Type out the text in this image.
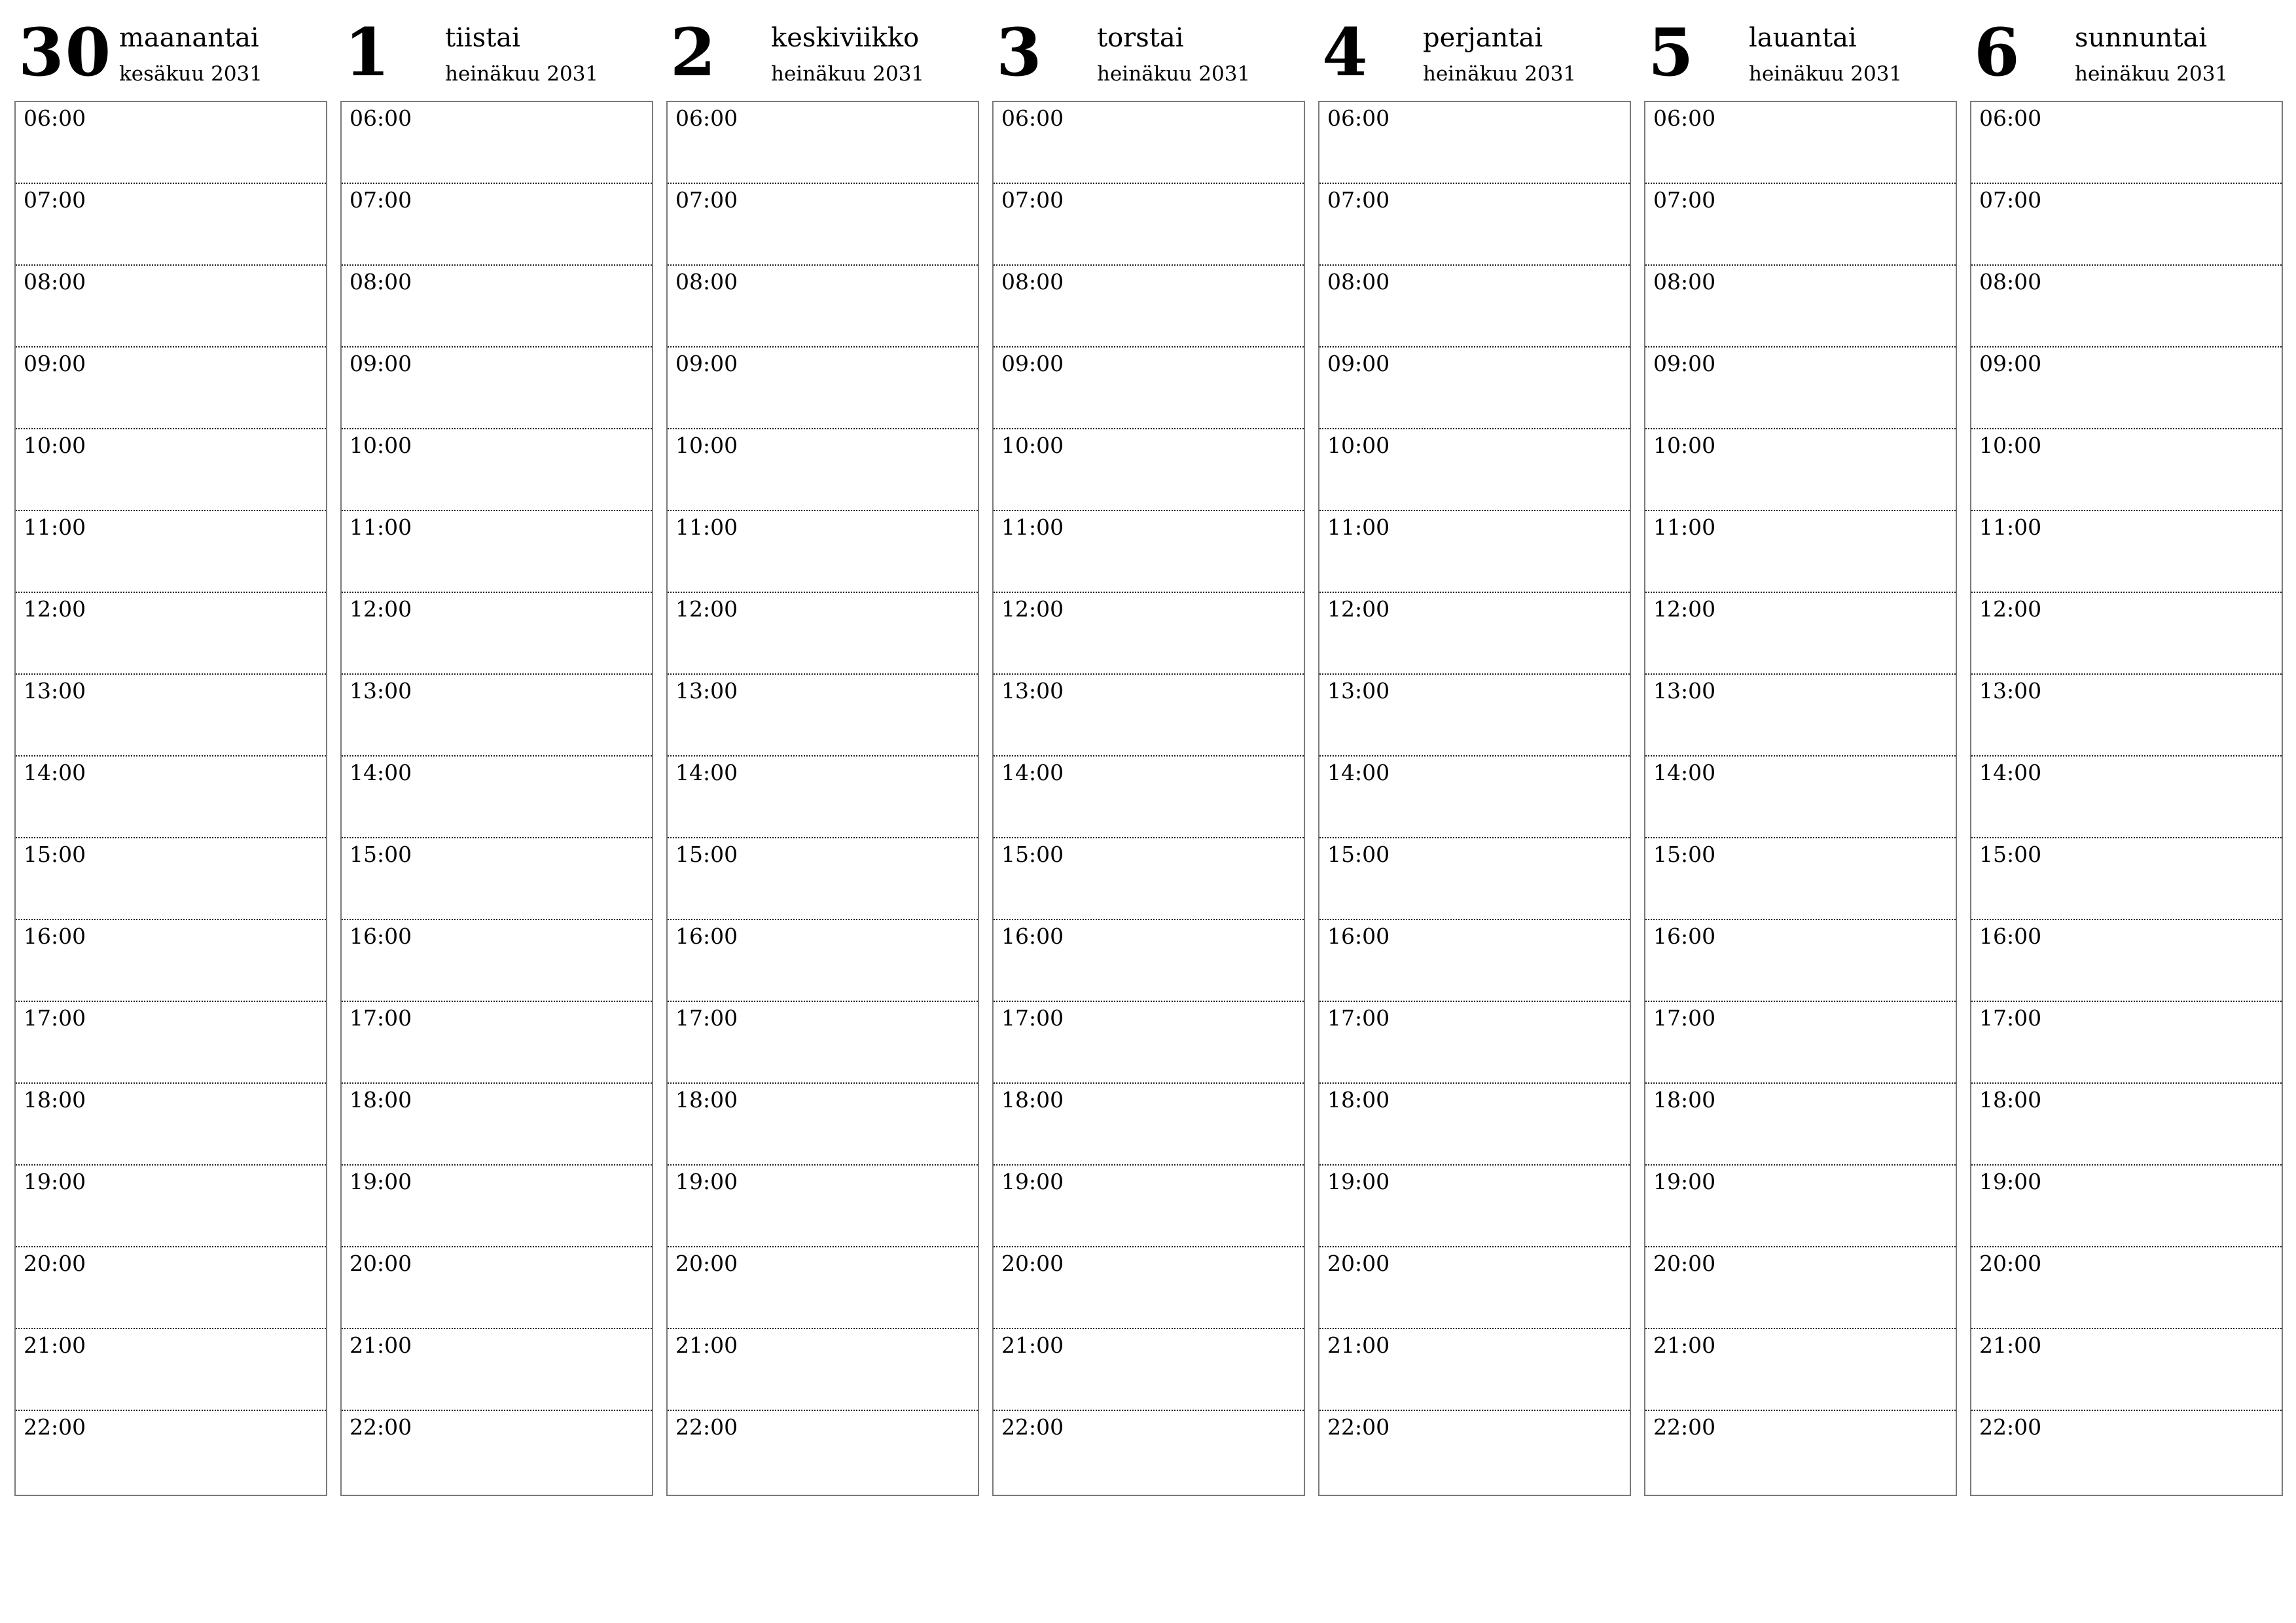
30 maanantai
kesäkuu 2031
06:00
07:00
08:00
09:00
10:00
11:00
12:00
13:00
14:00
15:00
16:00
17:00
18:00
19:00
20:00
21:00
22:00
1 tiistai
heinäkuu 2031
06:00
07:00
08:00
09:00
10:00
11:00
12:00
13:00
14:00
15:00
16:00
17:00
18:00
19:00
20:00
21:00
22:00
2 keskiviikko
heinäkuu 2031
06:00
07:00
08:00
09:00
10:00
11:00
12:00
13:00
14:00
15:00
16:00
17:00
18:00
19:00
20:00
21:00
22:00
3 torstai
heinäkuu 2031
06:00
07:00
08:00
09:00
10:00
11:00
12:00
13:00
14:00
15:00
16:00
17:00
18:00
19:00
20:00
21:00
22:00
4 perjantai
heinäkuu 2031
06:00
07:00
08:00
09:00
10:00
11:00
12:00
13:00
14:00
15:00
16:00
17:00
18:00
19:00
20:00
21:00
22:00
5 lauantai
heinäkuu 2031
06:00
07:00
08:00
09:00
10:00
11:00
12:00
13:00
14:00
15:00
16:00
17:00
18:00
19:00
20:00
21:00
22:00
6 sunnuntai
heinäkuu 2031
06:00
07:00
08:00
09:00
10:00
11:00
12:00
13:00
14:00
15:00
16:00
17:00
18:00
19:00
20:00
21:00
22:00
